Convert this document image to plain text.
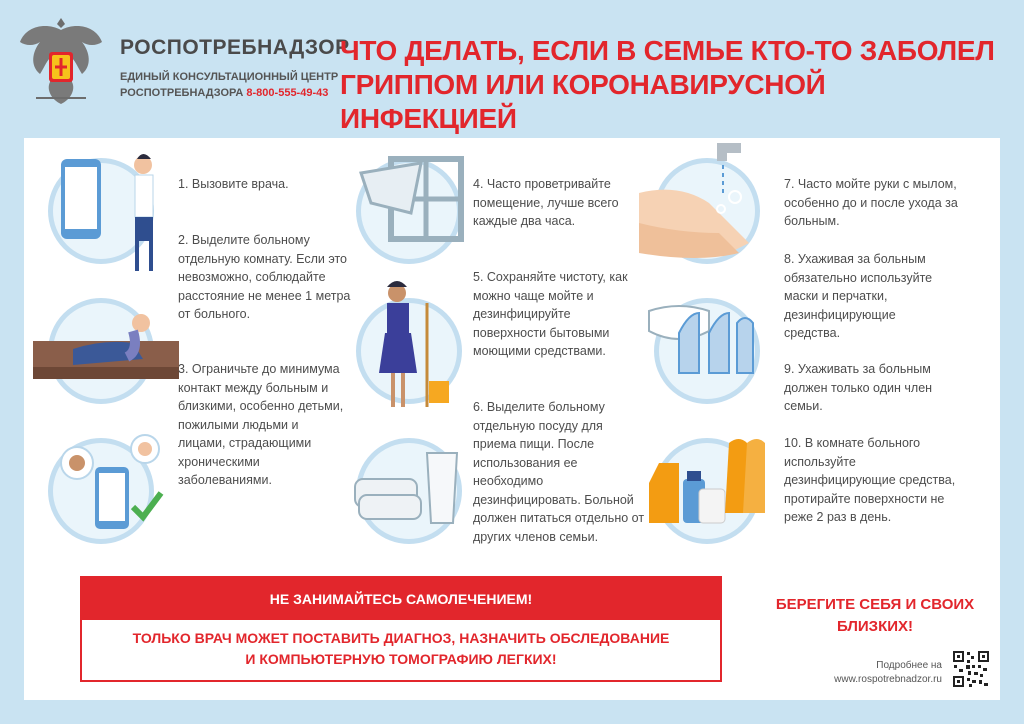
РОСПОТРЕБНАДЗОР
ЕДИНЫЙ КОНСУЛЬТАЦИОННЫЙ ЦЕНТР
РОСПОТРЕБНАДЗОРА 8-800-555-49-43
ЧТО ДЕЛАТЬ, ЕСЛИ В СЕМЬЕ КТО-ТО ЗАБОЛЕЛ
ГРИППОМ ИЛИ КОРОНАВИРУСНОЙ ИНФЕКЦИЕЙ
1. Вызовите врача.
2. Выделите больному отдельную комнату. Если это невозможно, соблюдайте расстояние не менее 1 метра от больного.
3. Ограничьте до минимума контакт между больным и близкими, особенно детьми, пожилыми людьми и лицами, страдающими хроническими заболеваниями.
4. Часто проветривайте помещение, лучше всего каждые два часа.
5. Сохраняйте чистоту, как можно чаще мойте и дезинфицируйте поверхности бытовыми моющими средствами.
6. Выделите больному отдельную посуду для приема пищи. После использования ее необходимо дезинфицировать. Больной должен питаться отдельно от других членов семьи.
7. Часто мойте руки с мылом, особенно до и после ухода за больным.
8. Ухаживая за больным обязательно используйте маски и перчатки, дезинфицирующие средства.
9. Ухаживать за больным должен только один член семьи.
10. В комнате больного используйте дезинфицирующие средства, протирайте поверхности не реже 2 раз в день.
НЕ ЗАНИМАЙТЕСЬ САМОЛЕЧЕНИЕМ!
ТОЛЬКО ВРАЧ МОЖЕТ ПОСТАВИТЬ ДИАГНОЗ, НАЗНАЧИТЬ ОБСЛЕДОВАНИЕ
И КОМПЬЮТЕРНУЮ ТОМОГРАФИЮ ЛЕГКИХ!
БЕРЕГИТЕ СЕБЯ И СВОИХ
БЛИЗКИХ!
Подробнее на
www.rospotrebnadzor.ru
